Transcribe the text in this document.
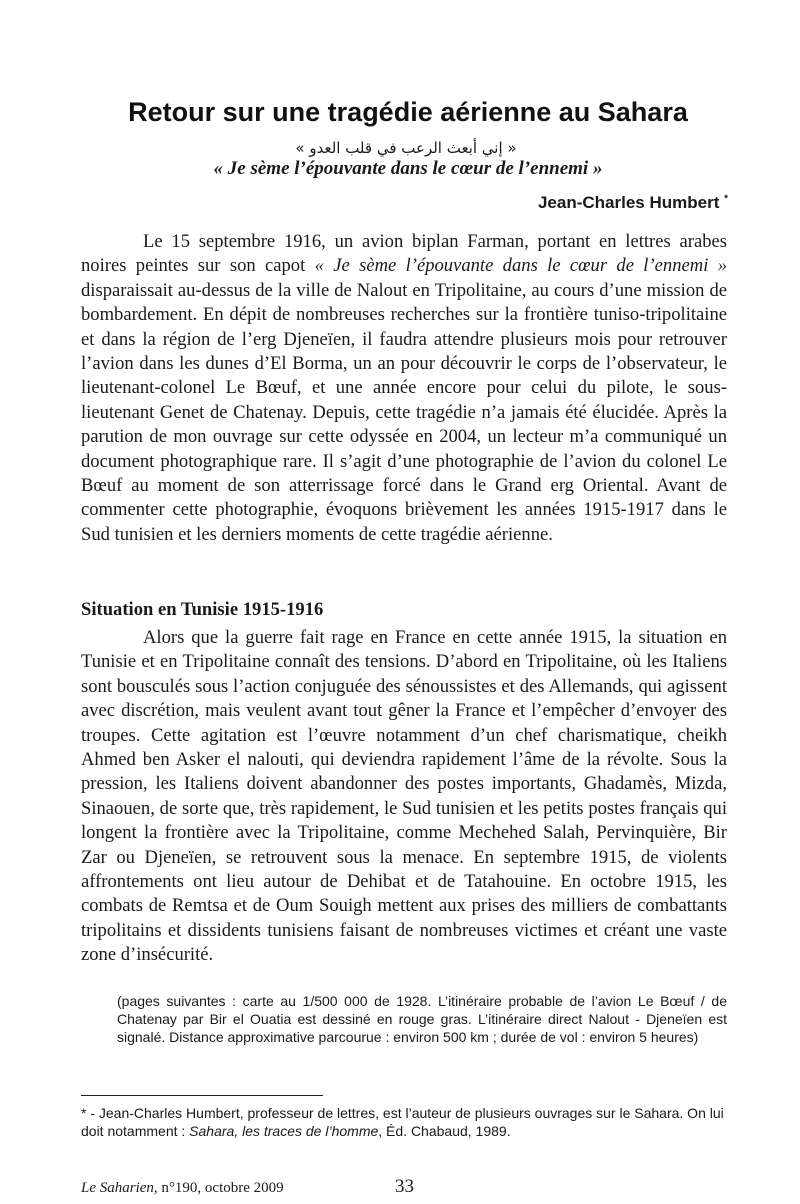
Retour sur une tragédie aérienne au Sahara
« إني أبعث الرعب في قلب العدو »
« Je sème l’épouvante dans le cœur de l’ennemi »
Jean-Charles Humbert *

Le 15 septembre 1916, un avion biplan Farman, portant en lettres arabes noires peintes sur son capot « Je sème l’épouvante dans le cœur de l’ennemi » disparaissait au-dessus de la ville de Nalout en Tripolitaine, au cours d’une mission de bombardement. En dépit de nombreuses recherches sur la frontière tuniso-tripolitaine et dans la région de l’erg Djeneïen, il faudra attendre plusieurs mois pour retrouver l’avion dans les dunes d’El Borma, un an pour découvrir le corps de l’observateur, le lieutenant-colonel Le Bœuf, et une année encore pour celui du pilote, le sous-lieutenant Genet de Chatenay. Depuis, cette tragédie n’a jamais été élucidée. Après la parution de mon ouvrage sur cette odyssée en 2004, un lecteur m’a communiqué un document photographique rare. Il s’agit d’une photographie de l’avion du colonel Le Bœuf au moment de son atterrissage forcé dans le Grand erg Oriental. Avant de commenter cette photographie, évoquons brièvement les années 1915-1917 dans le Sud tunisien et les derniers moments de cette tragédie aérienne.

Situation en Tunisie 1915-1916

Alors que la guerre fait rage en France en cette année 1915, la situation en Tunisie et en Tripolitaine connaît des tensions. D’abord en Tripolitaine, où les Italiens sont bousculés sous l’action conjuguée des sénoussistes et des Allemands, qui agissent avec discrétion, mais veulent avant tout gêner la France et l’empêcher d’envoyer des troupes. Cette agitation est l’œuvre notamment d’un chef charismatique, cheikh Ahmed ben Asker el nalouti, qui deviendra rapidement l’âme de la révolte. Sous la pression, les Italiens doivent abandonner des postes importants, Ghadamès, Mizda, Sinaouen, de sorte que, très rapidement, le Sud tunisien et les petits postes français qui longent la frontière avec la Tripolitaine, comme Mechehed Salah, Pervinquière, Bir Zar ou Djeneïen, se retrouvent sous la menace. En septembre 1915, de violents affrontements ont lieu autour de Dehibat et de Tatahouine. En octobre 1915, les combats de Remtsa et de Oum Souigh mettent aux prises des milliers de combattants tripolitains et dissidents tunisiens faisant de nombreuses victimes et créant une vaste zone d’insécurité.

(pages suivantes : carte au 1/500 000 de 1928. L’itinéraire probable de l’avion Le Bœuf / de Chatenay par Bir el Ouatia est dessiné en rouge gras. L’itinéraire direct Nalout - Djeneïen est signalé. Distance approximative parcourue : environ 500 km ; durée de vol : environ 5 heures)

* - Jean-Charles Humbert, professeur de lettres, est l’auteur de plusieurs ouvrages sur le Sahara. On lui doit notamment : Sahara, les traces de l’homme, Éd. Chabaud, 1989.

Le Saharien, n°190, octobre 2009	33
